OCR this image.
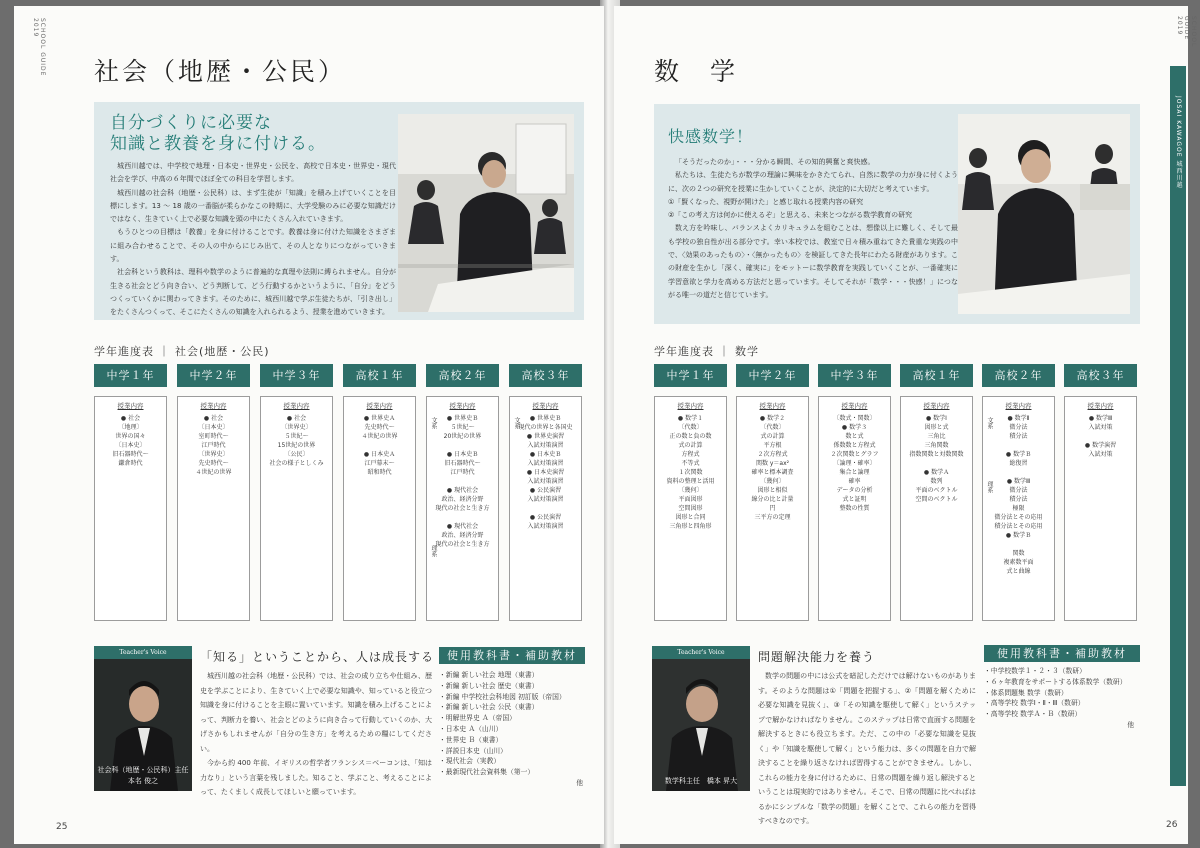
SCHOOL GUIDE 2019
社会（地歴・公民）
自分づくりに必要な
知識と教養を身に付ける。

城西川越では、中学校で地理・日本史・世界史・公民を、高校で日本史・世界史・現代社会を学び、中高の６年間でほぼ全ての科目を学習します。
城西川越の社会科（地歴・公民科）は、まず生徒が「知識」を積み上げていくことを目標にします。13 ～ 18 歳の一番脳が柔らかなこの時期に、大学受験のみに必要な知識だけではなく、生きていく上で必要な知識を頭の中にたくさん入れていきます。
もうひとつの目標は「教養」を身に付けることです。教養は身に付けた知識をさまざまに組み合わせることで、その人の中からにじみ出て、その人となりにつながっていきます。
社会科という教科は、理科や数学のように普遍的な真理や法則に縛られません。自分が生きる社会とどう向き合い、どう判断して、どう行動するかというように、「自分」をどうつくっていくかに関わってきます。そのために、城西川越で学ぶ生徒たちが、「引き出し」をたくさんつくって、そこにたくさんの知識を入れられるよう、授業を進めていきます。

学年進度表 ｜ 社会(地歴・公民)
中学１年	中学２年	中学３年	高校１年	高校２年	高校３年
授業内容
● 社会
〔地理〕
世界の国々
〔日本史〕
旧石器時代～
鎌倉時代
授業内容
● 社会
〔日本史〕
室町時代～
江戸時代
〔世界史〕
先史時代～
４世紀の世界
授業内容
● 社会
〔世界史〕
５世紀～
15世紀の世界
〔公民〕
社会の様子としくみ
授業内容
● 世界史Ａ
先史時代～
４世紀の世界

● 日本史Ａ
江戸幕末～
昭和時代
文系
理系
授業内容
● 世界史Ｂ
５世紀～
20世紀の世界

● 日本史Ｂ
旧石器時代～
江戸時代

● 現代社会
政治、経済分野
現代の社会と生き方

● 現代社会
政治、経済分野
現代の社会と生き方
文系
授業内容
● 世界史Ｂ
現代の世界と各国史
● 世界史演習
入試対策演習
● 日本史Ｂ
入試対策演習
● 日本史演習
入試対策演習
● 公民演習
入試対策演習

● 公民演習
入試対策演習
Teacher's Voice
社会科（地歴・公民科）主任
本名 俊之
「知る」ということから、人は成長する
城西川越の社会科（地歴・公民科）では、社会の成り立ちや仕組み、歴史を学ぶことにより、生きていく上で必要な知識や、知っていると役立つ知識を身に付けることを主眼に置いています。知識を積み上げることによって、判断力を養い、社会とどのように向き合って行動していくのか、大げさかもしれませんが「自分の生き方」を考えるための糧にしてください。
今から約 400 年前、イギリスの哲学者フランシス＝ベーコンは、「知は力なり」という言葉を残しました。知ること、学ぶこと、考えることによって、たくましく成長してほしいと願っています。
使用教科書・補助教材
・新編 新しい社会 地理（東書）
・新編 新しい社会 歴史（東書）
・新編 中学校社会科地図 初訂版（帝国）
・新編 新しい社会 公民（東書）
・明解世界史 Ａ（帝国）
・日本史 Ａ（山川）
・世界史 Ｂ（東書）
・詳説日本史（山川）
・現代社会（実教）
・最新現代社会資料集（第一）
他
25
JOSAI KAWAGOE 城西川越
SCHOOL GUIDE 2019
数　学
快感数学！

「そうだったのか」・・・分かる瞬間、その知的興奮と爽快感。
私たちは、生徒たちが数学の理論に興味をかきたてられ、自然に数学の力が身に付くように、次の２つの研究を授業に生かしていくことが、決定的に大切だと考えています。
①「賢くなった、視野が開けた」と感じ取れる授業内容の研究
②「この考え方は何かに使えるぞ」と思える、未来とつながる数学教育の研究
数え方を吟味し、バランスよくカリキュラムを組むことは、想像以上に難しく、そして最も学校の独自性が出る部分です。幸い本校では、教室で日々積み重ねてきた貴重な実践の中で、〈効果のあったもの〉・〈無かったもの〉を検証してきた長年にわたる財産があります。この財産を生かし「深く、確実に」をモットーに数学教育を実践していくことが、一番確実に学習意欲と学力を高める方法だと思っています。そしてそれが「数学・・・快感！」につながる唯一の道だと信じています。

学年進度表 ｜ 数学
中学１年	中学２年	中学３年	高校１年	高校２年	高校３年
授業内容
● 数学１
〔代数〕
正の数と負の数
式の計算
方程式
不等式
１次関数
資料の整理と活用
〔幾何〕
平面図形
空間図形
図形と合同
三角形と四角形
授業内容
● 数学２
〔代数〕
式の計算
平方根
２次方程式
関数 y＝ax²
確率と標本調査
〔幾何〕
図形と相似
線分の比と計量
円
三平方の定理
授業内容
〔数式・関数〕
● 数学３
数と式
係数数と方程式
２次関数とグラフ
〔論理・確率〕
集合と論理
確率
データの分析
式と証明
整数の性質
授業内容
● 数学Ⅰ
図形と式
三角比
三角関数
指数関数と対数関数

● 数学Ａ
数列
平面のベクトル
空間のベクトル
文系
理系
授業内容
● 数学Ⅱ
微分法
積分法

● 数学Ｂ
総復習

● 数学Ⅲ
微分法
積分法
極限
微分法とその応用
積分法とその応用
● 数学Ｂ

関数
複素数平面
式と曲線
授業内容
● 数学Ⅲ
入試対策

● 数学演習
入試対策
Teacher's Voice
数学科主任　橋本 昇大
問題解決能力を養う
数学の問題の中には公式を暗記しただけでは解けないものがあります。そのような問題は①「問題を把握する」、②「問題を解くために必要な知識を見抜く」、③「その知識を駆使して解く」というステップで解かなければなりません。このステップは日常で直面する問題を解決するときにも役立ちます。ただ、この中の「必要な知識を見抜く」や「知識を駆使して解く」という能力は、多くの問題を自力で解決することを繰り返さなければ習得することができません。しかし、これらの能力を身に付けるために、日常の問題を繰り返し解決するということは現実的ではありません。そこで、日常の問題に比べればはるかにシンプルな「数学の問題」を解くことで、これらの能力を習得すべきなのです。
使用教科書・補助教材
・中学校数学１・２・３（数研）
・６ヶ年教育をサポートする体系数学（数研）
・体系問題集 数学（数研）
・高等学校 数学Ⅰ・Ⅱ・Ⅲ（数研）
・高等学校 数学Ａ・Ｂ（数研）
他
26
